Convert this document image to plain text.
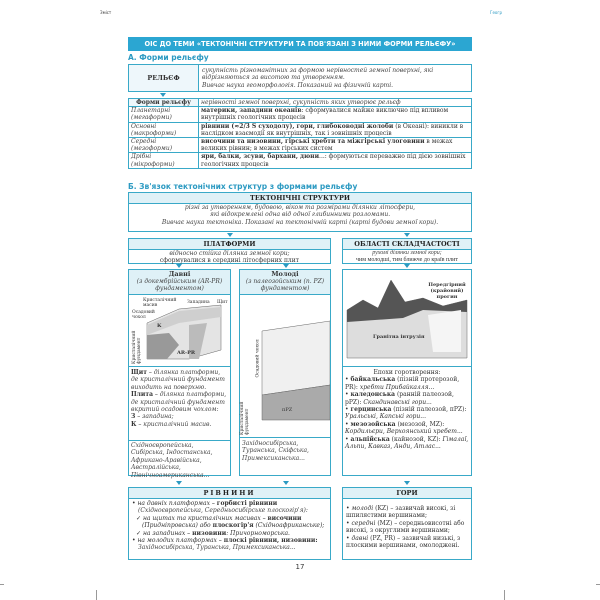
Зміст	Геогр
ОІС ДО ТЕМИ «ТЕКТОНІЧНІ СТРУКТУРИ ТА ПОВ'ЯЗАНІ З НИМИ ФОРМИ РЕЛЬЄФУ»
А. Форми рельєфу
РЕЛЬЄФ
сукупність різноманітних за формою нерівностей земної поверхні, які відрізняються за висотою та утворенням.
Вивчає наука геоморфологія. Показаний на фізичній карті.
Форми рельєфу	нерівності земної поверхні, сукупність яких утворює рельєф

Планетарні
(мегаформи)	материки, западини океанів: сформувалися майже виключно під впливом внутрішніх геологічних процесів

Основні
(макроформи)	рівнини (≈2/3 S суходолу), гори, глибоководні жолоби (в Океані): виникли в наслідком взаємодії як внутрішніх, так і зовнішніх процесів

Середні
(мезоформи)	височини та низовини, гірські хребти та міжгірські улоговини в межах великих рівнин; в межах гірських систем

Дрібні
(мікроформи)	яри, балки, зсуви, бархани, дюни...: формуються переважно під дією зовнішніх геологічних процесів
Б. Зв'язок тектонічних структур з формами рельєфу
ТЕКТОНІЧНІ СТРУКТУРИ
різні за утворенням, будовою, віком та розмірами ділянки літосфери,
які відокремлені одна від одної глибинними розломами.
Вивчає наука тектоніка. Показані на тектонічній карті (карті будови земної кори).
ПЛАТФОРМИ
відносно стійка ділянка земної кори;
сформувалися в середині літосферних плит
ОБЛАСТІ СКЛАДЧАСТОСТІ
рухомі ділянки земної кори;
чим молодші, тим ближче до країв плит
Давні
(з докембрійським (AR-PR) фундаментом)
Кристалічний масив
Западина Щит
Осадовий чохол
Кристалічний фундамент
К
AR-PR
Щит – ділянка платформи, де кристалічний фундамент виходить на поверхню.
Плита – ділянка платформи, де кристалічний фундамент вкритий осадовим чохлом:
З – западина;
К – кристалічний масив.
Східноєвропейська, Сибірська, Індостанська, Африкано-Аравійська, Австралійська, Північноамериканська...
Молоді
(з палеозойським (п. PZ) фундаментом)
Осадовий чохол
Кристалічний фундамент	пPZ
Західносибірська, Туранська, Скіфська, Примексиканська...
Передгірний (крайовий) прогин
Гранітна інтрузія
Епохи горотворення:
• байкальська (пізній протерозой, PR): хребти Прибайкалля...
• каледонська (ранній палеозой, рPZ): Скандинавські гори...
• герцинська (пізній палеозой, пPZ): Уральські, Капські гори...
• мезозойська (мезозой, MZ): Кордильєри, Верхоянський хребет...
• альпійська (кайнозой, KZ): Гімалаї, Альпи, Кавказ, Анди, Атлас...
РІВНИНИ
• на давніх платформах – горбисті рівнини
(Східноєвропейська, Середньосибірське плоскогір'я):
✓ на щитах та кристалічних масивах – височини
(Придніпровська) або плоскогір'я (Східноафриканське);
✓ на западинах – низовини: Причорноморська.
• на молодих платформах – плоскі рівнини, низовини:
Західносибірська, Туранська, Примексиканська...
ГОРИ
• молоді (KZ) – зазвичай високі, зі шпилястими вершинами;
• середні (MZ) – середньовисотні або високі, з округлими вершинами;
• давні (PZ, PR) – зазвичай низькі, з плоскими вершинами, омолоджені.
17
